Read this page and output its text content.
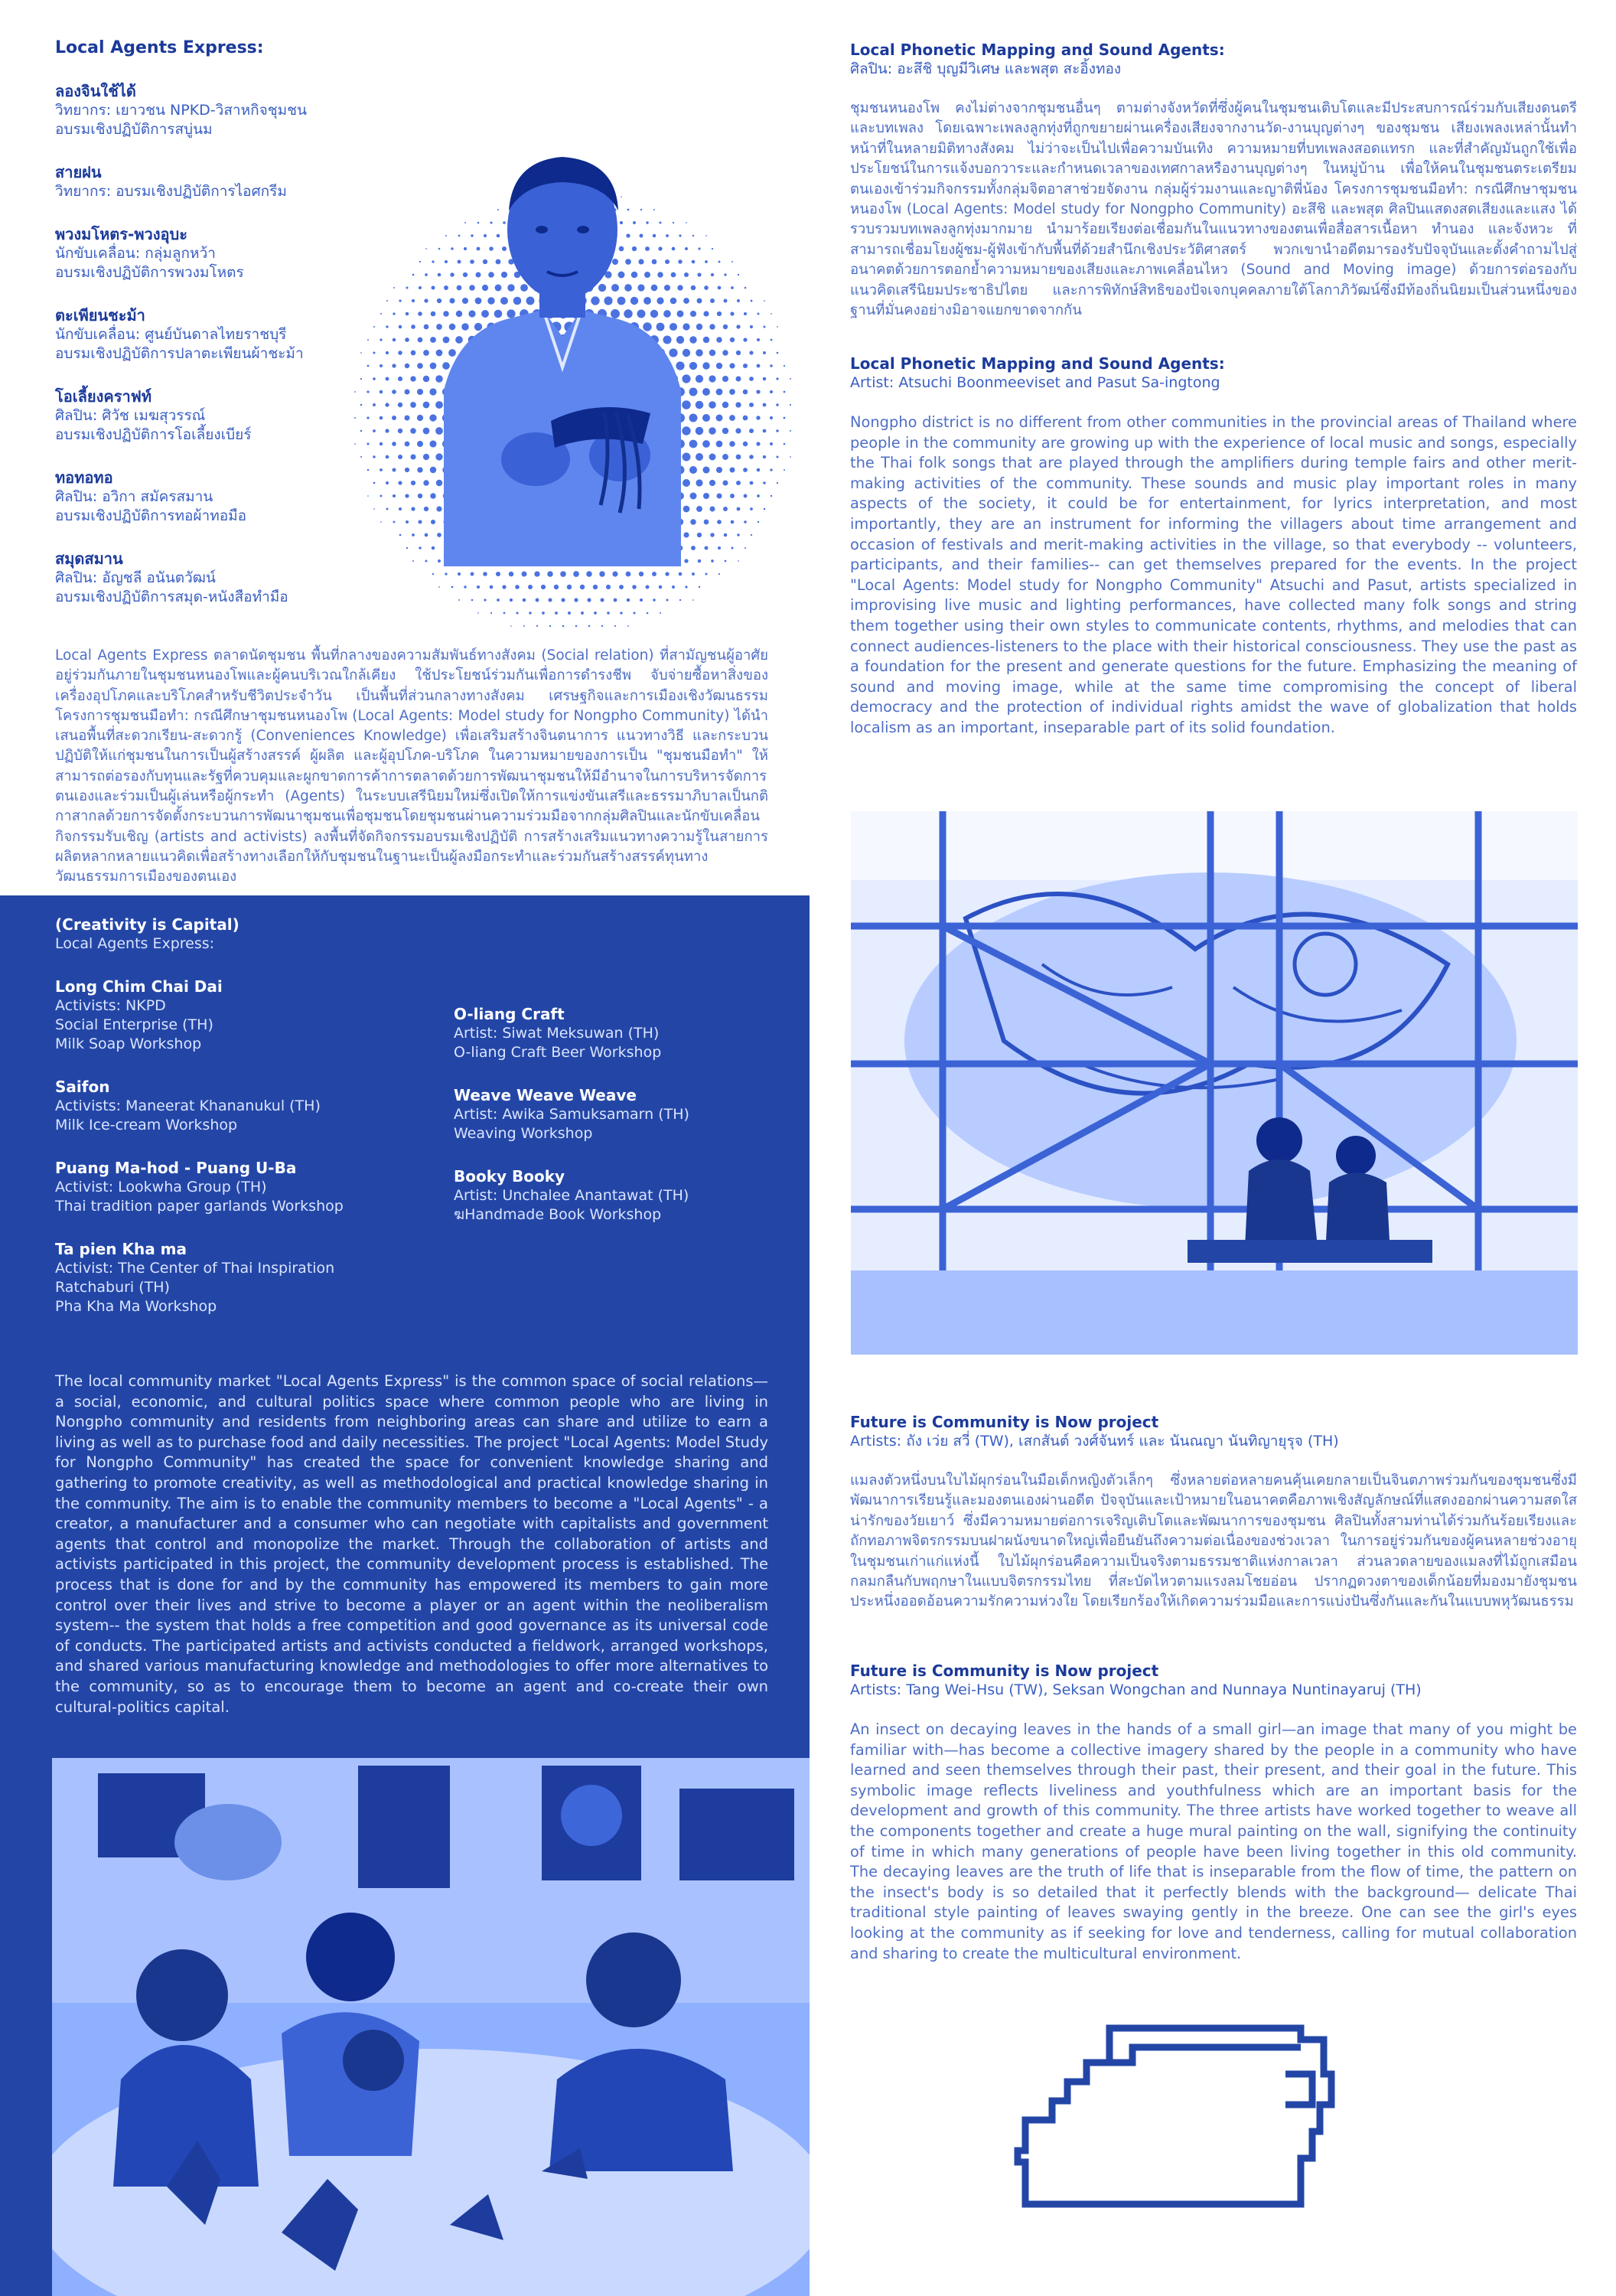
Local Agents Express:
ลองจินใช้ได้
วิทยากร: เยาวชน NPKD-วิสาหกิจชุมชน
อบรมเชิงปฏิบัติการสบู่นม
สายฝน
วิทยากร: อบรมเชิงปฏิบัติการไอศกรีม
พวงมโหตร-พวงอุบะ
นักขับเคลื่อน: กลุ่มลูกหว้า
อบรมเชิงปฏิบัติการพวงมโหตร
ตะเพียนชะม้า
นักขับเคลื่อน: ศูนย์บันดาลไทยราชบุรี
อบรมเชิงปฏิบัติการปลาตะเพียนผ้าชะม้า
โอเลี้ยงคราฟท์
ศิลปิน: ศิวัช เมฆสุวรรณ์
อบรมเชิงปฏิบัติการโอเลี้ยงเบียร์
ทอทอทอ
ศิลปิน: อวิกา สมัครสมาน
อบรมเชิงปฏิบัติการทอผ้าทอมือ
สมุดสมาน
ศิลปิน: อัญชลี อนันตวัฒน์
อบรมเชิงปฏิบัติการสมุด-หนังสือทำมือ

Local Agents Express ตลาดนัดชุมชน พื้นที่กลางของความสัมพันธ์ทางสังคม (Social relation) ที่สามัญชนผู้อาศัยอยู่ร่วมกันภายในชุมชนหนองโพและผู้คนบริเวณใกล้เคียง ใช้ประโยชน์ร่วมกันเพื่อการดำรงชีพ จับจ่ายซื้อหาสิ่งของเครื่องอุปโภคและบริโภคสำหรับชีวิตประจำวัน เป็นพื้นที่ส่วนกลางทางสังคม เศรษฐกิจและการเมืองเชิงวัฒนธรรม โครงการชุมชนมือทำ: กรณีศึกษาชุมชนหนองโพ (Local Agents: Model study for Nongpho Community) ได้นำเสนอพื้นที่สะดวกเรียน-สะดวกรู้ (Conveniences Knowledge) เพื่อเสริมสร้างจินตนาการ แนวทางวิธี และกระบวนปฏิบัติให้แก่ชุมชนในการเป็นผู้สร้างสรรค์ ผู้ผลิต และผู้อุปโภค-บริโภค ในความหมายของการเป็น "ชุมชนมือทำ" ให้สามารถต่อรองกับทุนและรัฐที่ควบคุมและผูกขาดการค้าการตลาดด้วยการพัฒนาชุมชนให้มีอำนาจในการบริหารจัดการตนเองและร่วมเป็นผู้เล่นหรือผู้กระทำ (Agents) ในระบบเสรีนิยมใหม่ซึ่งเปิดให้การแข่งขันเสรีและธรรมาภิบาลเป็นกติกาสากลด้วยการจัดตั้งกระบวนการพัฒนาชุมชนเพื่อชุมชนโดยชุมชนผ่านความร่วมมือจากกลุ่มศิลปินและนักขับเคลื่อนกิจกรรมรับเชิญ (artists and activists) ลงพื้นที่จัดกิจกรรมอบรมเชิงปฏิบัติ การสร้างเสริมแนวทางความรู้ในสายการผลิตหลากหลายแนวคิดเพื่อสร้างทางเลือกให้กับชุมชนในฐานะเป็นผู้ลงมือกระทำและร่วมกันสร้างสรรค์ทุนทางวัฒนธรรมการเมืองของตนเอง

(Creativity is Capital)
Local Agents Express:
Long Chim Chai Dai
Activists: NKPD
Social Enterprise (TH)
Milk Soap Workshop
Saifon
Activists: Maneerat Khananukul (TH)
Milk Ice-cream Workshop
Puang Ma-hod - Puang U-Ba
Activist: Lookwha Group (TH)
Thai tradition paper garlands Workshop
Ta pien Kha ma
Activist: The Center of Thai Inspiration
Ratchaburi (TH)
Pha Kha Ma Workshop
O-liang Craft
Artist: Siwat Meksuwan (TH)
O-liang Craft Beer Workshop
Weave Weave Weave
Artist: Awika Samuksamarn (TH)
Weaving Workshop
Booky Booky
Artist: Unchalee Anantawat (TH)
ฆHandmade Book Workshop

The local community market "Local Agents Express" is the common space of social relations— a social, economic, and cultural politics space where common people who are living in Nongpho community and residents from neighboring areas can share and utilize to earn a living as well as to purchase food and daily necessities. The project "Local Agents: Model Study for Nongpho Community" has created the space for convenient knowledge sharing and gathering to promote creativity, as well as methodological and practical knowledge sharing in the community. The aim is to enable the community members to become a "Local Agents" - a creator, a manufacturer and a consumer who can negotiate with capitalists and government agents that control and monopolize the market. Through the collaboration of artists and activists participated in this project, the community development process is established. The process that is done for and by the community has empowered its members to gain more control over their lives and strive to become a player or an agent within the neoliberalism system-- the system that holds a free competition and good governance as its universal code of conducts. The participated artists and activists conducted a fieldwork, arranged workshops, and shared various manufacturing knowledge and methodologies to offer more alternatives to the community, so as to encourage them to become an agent and co-create their own cultural-politics capital.

Local Phonetic Mapping and Sound Agents:
ศิลปิน: อะสึชิ บุญมีวิเศษ และพสุต สะอิ้งทอง

ชุมชนหนองโพ คงไม่ต่างจากชุมชนอื่นๆ ตามต่างจังหวัดที่ซึ่งผู้คนในชุมชนเติบโตและมีประสบการณ์ร่วมกับเสียงดนตรีและบทเพลง โดยเฉพาะเพลงลูกทุ่งที่ถูกขยายผ่านเครื่องเสียงจากงานวัด-งานบุญต่างๆ ของชุมชน เสียงเพลงเหล่านั้นทำหน้าที่ในหลายมิติทางสังคม ไม่ว่าจะเป็นไปเพื่อความบันเทิง ความหมายที่บทเพลงสอดแทรก และที่สำคัญมันถูกใช้เพื่อประโยชน์ในการแจ้งบอกวาระและกำหนดเวลาของเทศกาลหรืองานบุญต่างๆ ในหมู่บ้าน เพื่อให้คนในชุมชนตระเตรียมตนเองเข้าร่วมกิจกรรมทั้งกลุ่มจิตอาสาช่วยจัดงาน กลุ่มผู้ร่วมงานและญาติพี่น้อง โครงการชุมชนมือทำ: กรณีศึกษาชุมชนหนองโพ (Local Agents: Model study for Nongpho Community) อะสึชิ และพสุต ศิลปินแสดงสดเสียงและแสง ได้รวบรวมบทเพลงลูกทุ่งมากมาย นำมาร้อยเรียงต่อเชื่อมกันในแนวทางของตนเพื่อสื่อสารเนื้อหา ทำนอง และจังหวะ ที่สามารถเชื่อมโยงผู้ชม-ผู้ฟังเข้ากับพื้นที่ด้วยสำนึกเชิงประวัติศาสตร์ พวกเขานำอดีตมารองรับปัจจุบันและตั้งคำถามไปสู่อนาคตด้วยการตอกย้ำความหมายของเสียงและภาพเคลื่อนไหว (Sound and Moving image) ด้วยการต่อรองกับแนวคิดเสรีนิยมประชาธิปไตย และการพิทักษ์สิทธิของปัจเจกบุคคลภายใต้โลกาภิวัฒน์ซึ่งมีท้องถิ่นนิยมเป็นส่วนหนึ่งของฐานที่มั่นคงอย่างมิอาจแยกขาดจากกัน

Local Phonetic Mapping and Sound Agents:
Artist: Atsuchi Boonmeeviset and Pasut Sa-ingtong

Nongpho district is no different from other communities in the provincial areas of Thailand where people in the community are growing up with the experience of local music and songs, especially the Thai folk songs that are played through the amplifiers during temple fairs and other merit-making activities of the community. These sounds and music play important roles in many aspects of the society, it could be for entertainment, for lyrics interpretation, and most importantly, they are an instrument for informing the villagers about time arrangement and occasion of festivals and merit-making activities in the village, so that everybody -- volunteers, participants, and their families-- can get themselves prepared for the events. In the project "Local Agents: Model study for Nongpho Community" Atsuchi and Pasut, artists specialized in improvising live music and lighting performances, have collected many folk songs and string them together using their own styles to communicate contents, rhythms, and melodies that can connect audiences-listeners to the place with their historical consciousness. They use the past as a foundation for the present and generate questions for the future. Emphasizing the meaning of sound and moving image, while at the same time compromising the concept of liberal democracy and the protection of individual rights amidst the wave of globalization that holds localism as an important, inseparable part of its solid foundation.

Future is Community is Now project
Artists: ถัง เว่ย สวี่ (TW), เสกสันต์ วงศ์จันทร์ และ นันณญา นันทิญายุรุจ (TH)

แมลงตัวหนึ่งบนใบไม้ผุกร่อนในมือเด็กหญิงตัวเล็กๆ ซึ่งหลายต่อหลายคนคุ้นเคยกลายเป็นจินตภาพร่วมกันของชุมชนซึ่งมีพัฒนาการเรียนรู้และมองตนเองผ่านอดีต ปัจจุบันและเป้าหมายในอนาคตคือภาพเชิงสัญลักษณ์ที่แสดงออกผ่านความสดใสน่ารักของวัยเยาว์ ซึ่งมีความหมายต่อการเจริญเติบโตและพัฒนาการของชุมชน ศิลปินทั้งสามท่านได้ร่วมกันร้อยเรียงและถักทอภาพจิตรกรรมบนฝาผนังขนาดใหญ่เพื่อยืนยันถึงความต่อเนื่องของช่วงเวลา ในการอยู่ร่วมกันของผู้คนหลายช่วงอายุในชุมชนเก่าแก่แห่งนี้ ใบไม้ผุกร่อนคือความเป็นจริงตามธรรมชาติแห่งกาลเวลา ส่วนลวดลายของแมลงที่ไม้ถูกเสมือนกลมกลืนกับพฤกษาในแบบจิตรกรรมไทย ที่สะบัดไหวตามแรงลมโชยอ่อน ปรากฏดวงตาของเด็กน้อยที่มองมายังชุมชนประหนึ่งออดอ้อนความรักความห่วงใย โดยเรียกร้องให้เกิดความร่วมมือและการแบ่งปันซึ่งกันและกันในแบบพหุวัฒนธรรม

Future is Community is Now project
Artists: Tang Wei-Hsu (TW), Seksan Wongchan and Nunnaya Nuntinayaruj (TH)

An insect on decaying leaves in the hands of a small girl—an image that many of you might be familiar with—has become a collective imagery shared by the people in a community who have learned and seen themselves through their past, their present, and their goal in the future. This symbolic image reflects liveliness and youthfulness which are an important basis for the development and growth of this community. The three artists have worked together to weave all the components together and create a huge mural painting on the wall, signifying the continuity of time in which many generations of people have been living together in this old community. The decaying leaves are the truth of life that is inseparable from the flow of time, the pattern on the insect's body is so detailed that it perfectly blends with the background— delicate Thai traditional style painting of leaves swaying gently in the breeze. One can see the girl's eyes looking at the community as if seeking for love and tenderness, calling for mutual collaboration and sharing to create the multicultural environment.
